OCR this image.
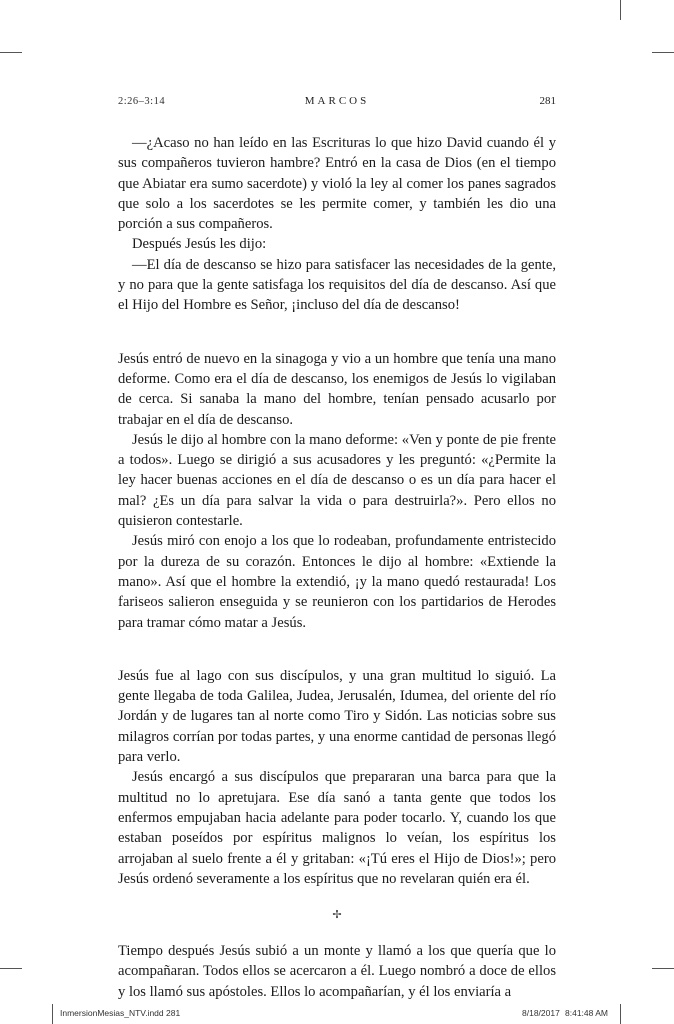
2:26–3:14	MARCOS	281

—¿Acaso no han leído en las Escrituras lo que hizo David cuando él y sus compañeros tuvieron hambre? Entró en la casa de Dios (en el tiempo que Abiatar era sumo sacerdote) y violó la ley al comer los panes sagrados que solo a los sacerdotes se les permite comer, y también les dio una porción a sus compañeros.

Después Jesús les dijo:

—El día de descanso se hizo para satisfacer las necesidades de la gente, y no para que la gente satisfaga los requisitos del día de descanso. Así que el Hijo del Hombre es Señor, ¡incluso del día de descanso!

Jesús entró de nuevo en la sinagoga y vio a un hombre que tenía una mano deforme. Como era el día de descanso, los enemigos de Jesús lo vigilaban de cerca. Si sanaba la mano del hombre, tenían pensado acusarlo por trabajar en el día de descanso.

Jesús le dijo al hombre con la mano deforme: «Ven y ponte de pie frente a todos». Luego se dirigió a sus acusadores y les preguntó: «¿Permite la ley hacer buenas acciones en el día de descanso o es un día para hacer el mal? ¿Es un día para salvar la vida o para destruirla?». Pero ellos no quisieron contestarle.

Jesús miró con enojo a los que lo rodeaban, profundamente entristecido por la dureza de su corazón. Entonces le dijo al hombre: «Extiende la mano». Así que el hombre la extendió, ¡y la mano quedó restaurada! Los fariseos salieron enseguida y se reunieron con los partidarios de Herodes para tramar cómo matar a Jesús.

Jesús fue al lago con sus discípulos, y una gran multitud lo siguió. La gente llegaba de toda Galilea, Judea, Jerusalén, Idumea, del oriente del río Jordán y de lugares tan al norte como Tiro y Sidón. Las noticias sobre sus milagros corrían por todas partes, y una enorme cantidad de personas llegó para verlo.

Jesús encargó a sus discípulos que prepararan una barca para que la multitud no lo apretujara. Ese día sanó a tanta gente que todos los enfermos empujaban hacia adelante para poder tocarlo. Y, cuando los que estaban poseídos por espíritus malignos lo veían, los espíritus los arrojaban al suelo frente a él y gritaban: «¡Tú eres el Hijo de Dios!»; pero Jesús ordenó severamente a los espíritus que no revelaran quién era él.

✢

Tiempo después Jesús subió a un monte y llamó a los que quería que lo acompañaran. Todos ellos se acercaron a él. Luego nombró a doce de ellos y los llamó sus apóstoles. Ellos lo acompañarían, y él los enviaría a

InmersionMesias_NTV.indd 281	8/18/2017 8:41:48 AM
